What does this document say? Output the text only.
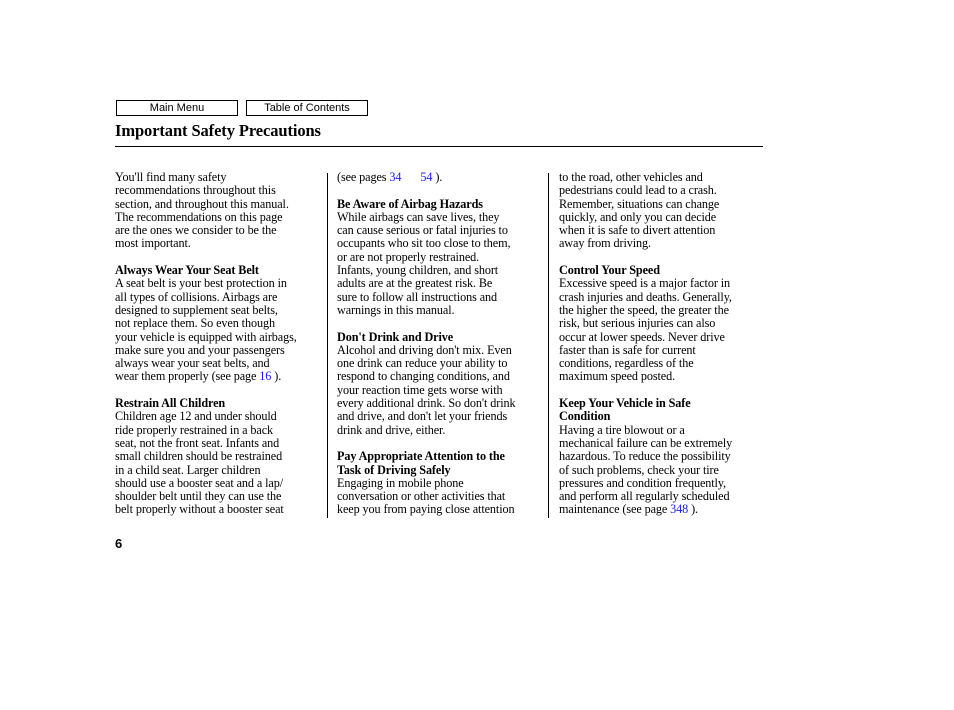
Main Menu	Table of Contents
Important Safety Precautions

You'll find many safety
recommendations throughout this
section, and throughout this manual.
The recommendations on this page
are the ones we consider to be the
most important.

Always Wear Your Seat Belt

A seat belt is your best protection in
all types of collisions. Airbags are
designed to supplement seat belts,
not replace them. So even though
your vehicle is equipped with airbags,
make sure you and your passengers
always wear your seat belts, and
wear them properly (see page 16 ).

Restrain All Children

Children age 12 and under should
ride properly restrained in a back
seat, not the front seat. Infants and
small children should be restrained
in a child seat. Larger children
should use a booster seat and a lap/
shoulder belt until they can use the
belt properly without a booster seat

(see pages 34 54 ).

Be Aware of Airbag Hazards

While airbags can save lives, they
can cause serious or fatal injuries to
occupants who sit too close to them,
or are not properly restrained.
Infants, young children, and short
adults are at the greatest risk. Be
sure to follow all instructions and
warnings in this manual.

Don't Drink and Drive

Alcohol and driving don't mix. Even
one drink can reduce your ability to
respond to changing conditions, and
your reaction time gets worse with
every additional drink. So don't drink
and drive, and don't let your friends
drink and drive, either.

Pay Appropriate Attention to the
Task of Driving Safely

Engaging in mobile phone
conversation or other activities that
keep you from paying close attention

to the road, other vehicles and
pedestrians could lead to a crash.
Remember, situations can change
quickly, and only you can decide
when it is safe to divert attention
away from driving.

Control Your Speed

Excessive speed is a major factor in
crash injuries and deaths. Generally,
the higher the speed, the greater the
risk, but serious injuries can also
occur at lower speeds. Never drive
faster than is safe for current
conditions, regardless of the
maximum speed posted.

Keep Your Vehicle in Safe
Condition

Having a tire blowout or a
mechanical failure can be extremely
hazardous. To reduce the possibility
of such problems, check your tire
pressures and condition frequently,
and perform all regularly scheduled
maintenance (see page 348 ).

6
